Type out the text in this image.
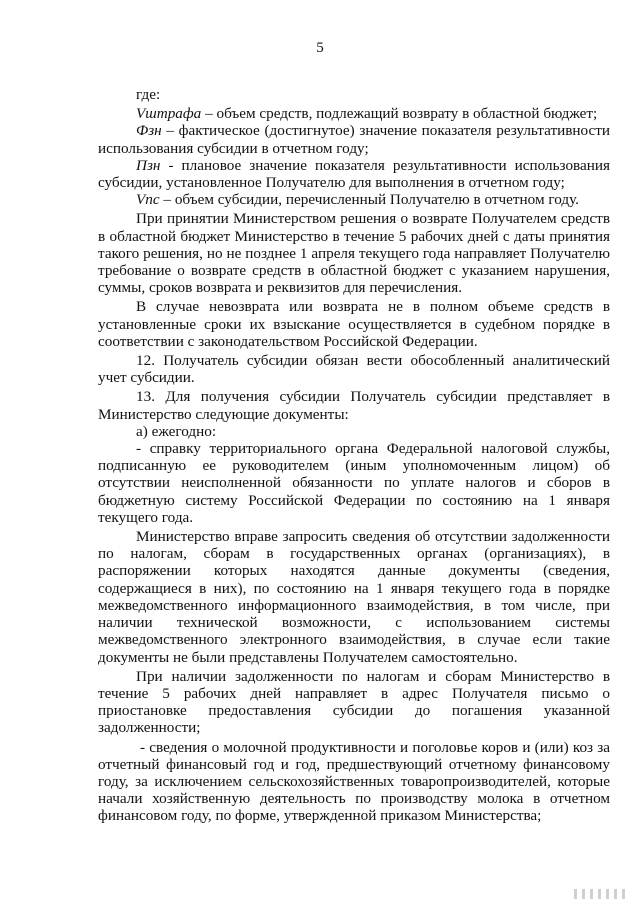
5

где:

Vштрафа – объем средств, подлежащий возврату в областной бюджет;

Фзн – фактическое (достигнутое) значение показателя результативности использования субсидии в отчетном году;

Пзн - плановое значение показателя результативности использования субсидии, установленное Получателю для выполнения в отчетном году;

Vпс – объем субсидии, перечисленный Получателю в отчетном году.

При принятии Министерством решения о возврате Получателем средств в областной бюджет Министерство в течение 5 рабочих дней с даты принятия такого решения, но не позднее 1 апреля текущего года направляет Получателю требование о возврате средств в областной бюджет с указанием нарушения, суммы, сроков возврата и реквизитов для перечисления.

В случае невозврата или возврата не в полном объеме средств в установленные сроки их взыскание осуществляется в судебном порядке в соответствии с законодательством Российской Федерации.

12. Получатель субсидии обязан вести обособленный аналитический учет субсидии.

13. Для получения субсидии Получатель субсидии представляет в Министерство следующие документы:

а) ежегодно:

- справку территориального органа Федеральной налоговой службы, подписанную ее руководителем (иным уполномоченным лицом) об отсутствии неисполненной обязанности по уплате налогов и сборов в бюджетную систему Российской Федерации по состоянию на 1 января текущего года.

Министерство вправе запросить сведения об отсутствии задолженности по налогам, сборам в государственных органах (организациях), в распоряжении которых находятся данные документы (сведения, содержащиеся в них), по состоянию на 1 января текущего года в порядке межведомственного информационного взаимодействия, в том числе, при наличии технической возможности, с использованием системы межведомственного электронного взаимодействия, в случае если такие документы не были представлены Получателем самостоятельно.

При наличии задолженности по налогам и сборам Министерство в течение 5 рабочих дней направляет в адрес Получателя письмо о приостановке предоставления субсидии до погашения указанной задолженности;

- сведения о молочной продуктивности и поголовье коров и (или) коз за отчетный финансовый год и год, предшествующий отчетному финансовому году, за исключением сельскохозяйственных товаропроизводителей, которые начали хозяйственную деятельность по производству молока в отчетном финансовом году, по форме, утвержденной приказом Министерства;
